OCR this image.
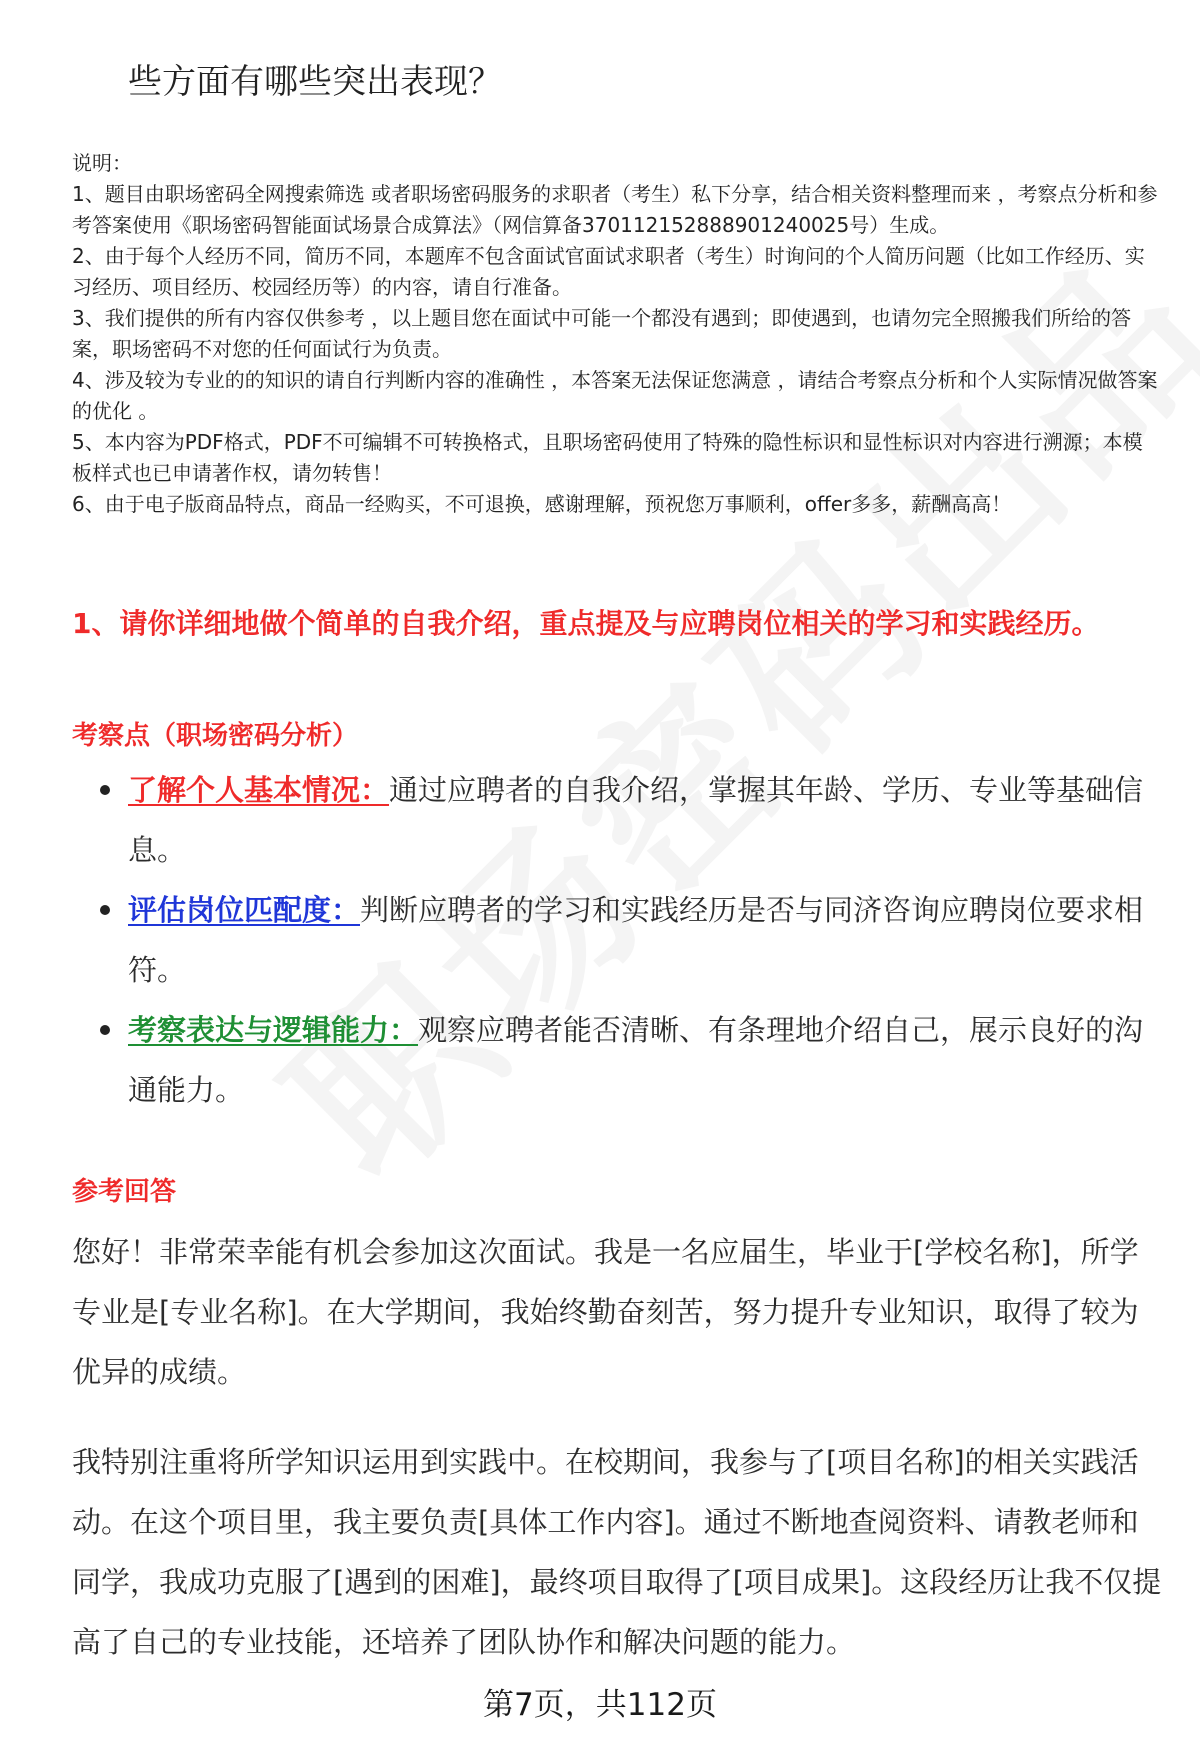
些方面有哪些突出表现？

说明：

1、题目由职场密码全网搜索筛选 或者职场密码服务的求职者（考生）私下分享，结合相关资料整理而来 ，考察点分析和参考答案使用《职场密码智能面试场景合成算法》（网信算备370112152888901240025号）生成。

2、由于每个人经历不同，简历不同，本题库不包含面试官面试求职者（考生）时询问的个人简历问题（比如工作经历、实习经历、项目经历、校园经历等）的内容，请自行准备。

3、我们提供的所有内容仅供参考 ，以上题目您在面试中可能一个都没有遇到；即使遇到，也请勿完全照搬我们所给的答案，职场密码不对您的任何面试行为负责。

4、涉及较为专业的的知识的请自行判断内容的准确性 ，本答案无法保证您满意 ，请结合考察点分析和个人实际情况做答案的优化 。

5、本内容为PDF格式，PDF不可编辑不可转换格式，且职场密码使用了特殊的隐性标识和显性标识对内容进行溯源；本模板样式也已申请著作权，请勿转售！

6、由于电子版商品特点，商品一经购买，不可退换，感谢理解，预祝您万事顺利，offer多多，薪酬高高！

1、请你详细地做个简单的自我介绍，重点提及与应聘岗位相关的学习和实践经历。
考察点（职场密码分析）
了解个人基本情况：通过应聘者的自我介绍，掌握其年龄、学历、专业等基础信息。
评估岗位匹配度：判断应聘者的学习和实践经历是否与同济咨询应聘岗位要求相符。
考察表达与逻辑能力：观察应聘者能否清晰、有条理地介绍自己，展示良好的沟通能力。
参考回答

您好！非常荣幸能有机会参加这次面试。我是一名应届生，毕业于[学校名称]，所学专业是[专业名称]。在大学期间，我始终勤奋刻苦，努力提升专业知识，取得了较为优异的成绩。

我特别注重将所学知识运用到实践中。在校期间，我参与了[项目名称]的相关实践活动。在这个项目里，我主要负责[具体工作内容]。通过不断地查阅资料、请教老师和同学，我成功克服了[遇到的困难]，最终项目取得了[项目成果]。这段经历让我不仅提高了自己的专业技能，还培养了团队协作和解决问题的能力。

第7页，共112页
